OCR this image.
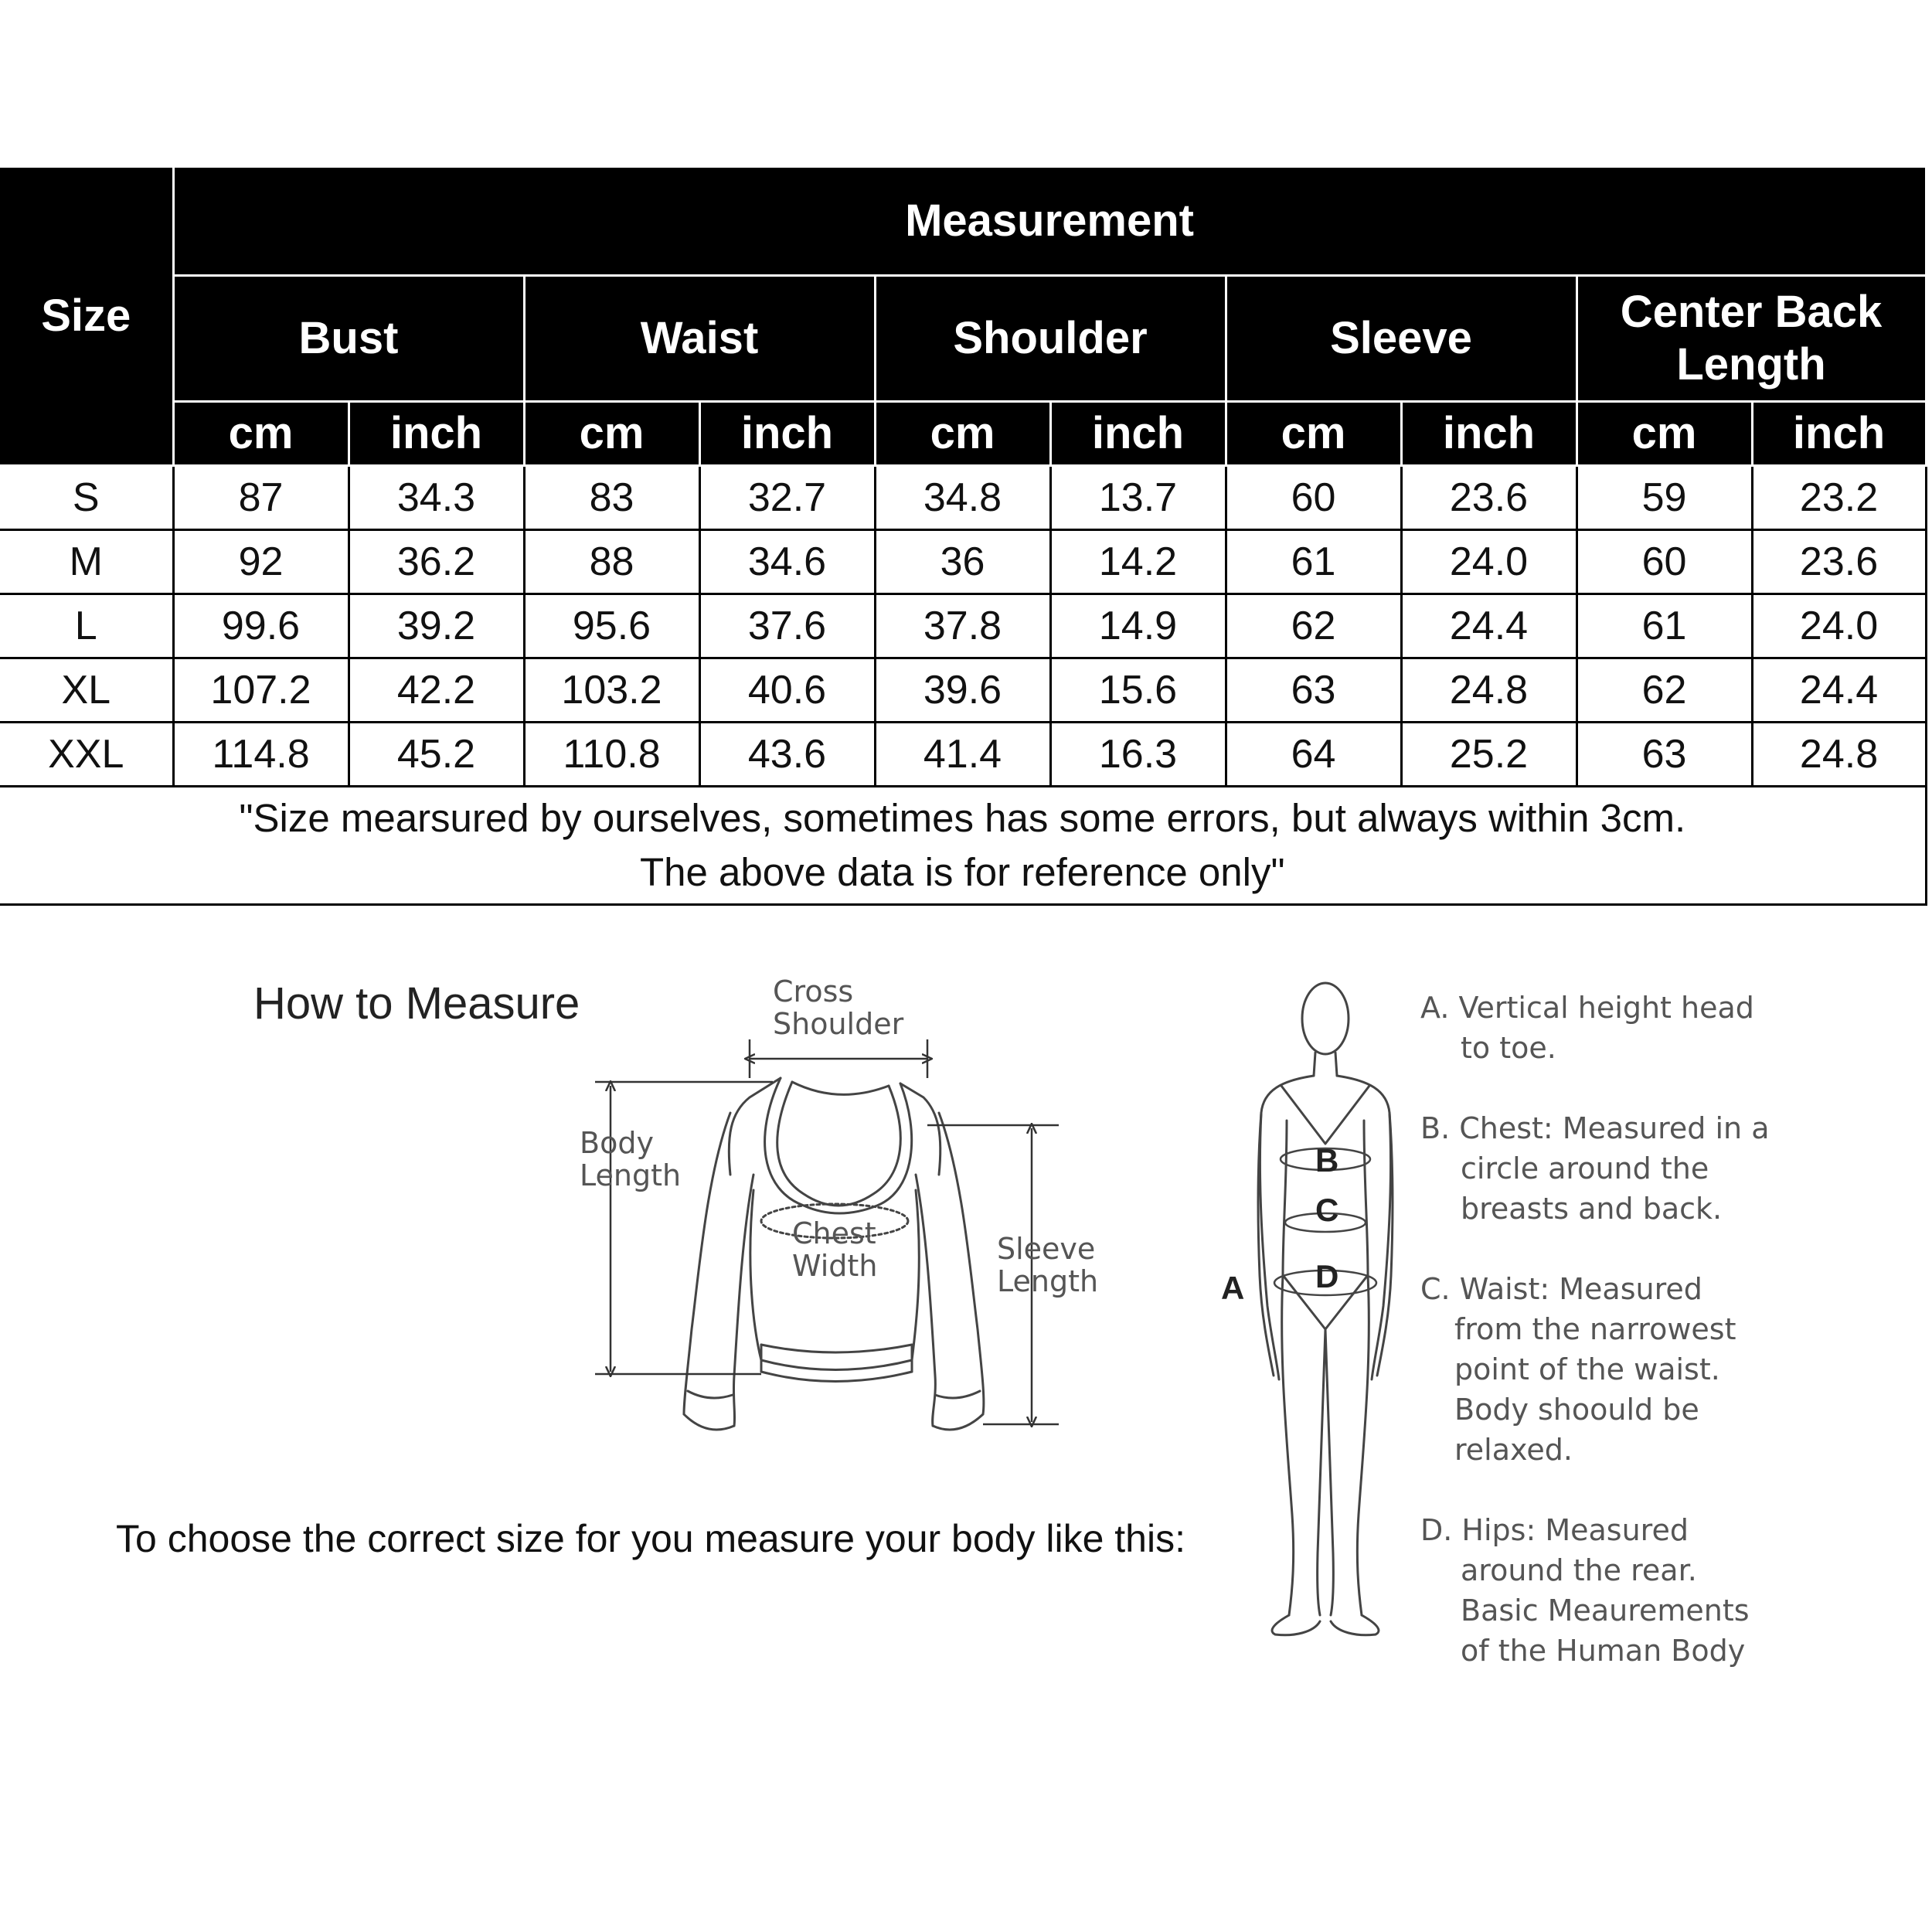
Size	Measurement									
	Bust		Waist		Shoulder		Sleeve		Center Back Length	
	cm	inch	cm	inch	cm	inch	cm	inch	cm	inch
S	87	34.3	83	32.7	34.8	13.7	60	23.6	59	23.2
M	92	36.2	88	34.6	36	14.2	61	24.0	60	23.6
L	99.6	39.2	95.6	37.6	37.8	14.9	62	24.4	61	24.0
XL	107.2	42.2	103.2	40.6	39.6	15.6	63	24.8	62	24.4
XXL	114.8	45.2	110.8	43.6	41.4	16.3	64	25.2	63	24.8

"Size mearsured by ourselves, sometimes has some errors, but always within 3cm.
The above data is for reference only"										
How to Measure
To choose the correct size for you measure your body like this:
Cross
Shoulder
Body
Length
Chest
Width	Sleeve
Length	A
B
C
D
A. Vertical height head
to toe.
B. Chest: Measured in a
circle around the
breasts and back.
C. Waist: Measured
from the narrowest
point of the waist.
Body shoould be
relaxed.
D. Hips: Measured
around the rear.
Basic Meaurements
of the Human Body
